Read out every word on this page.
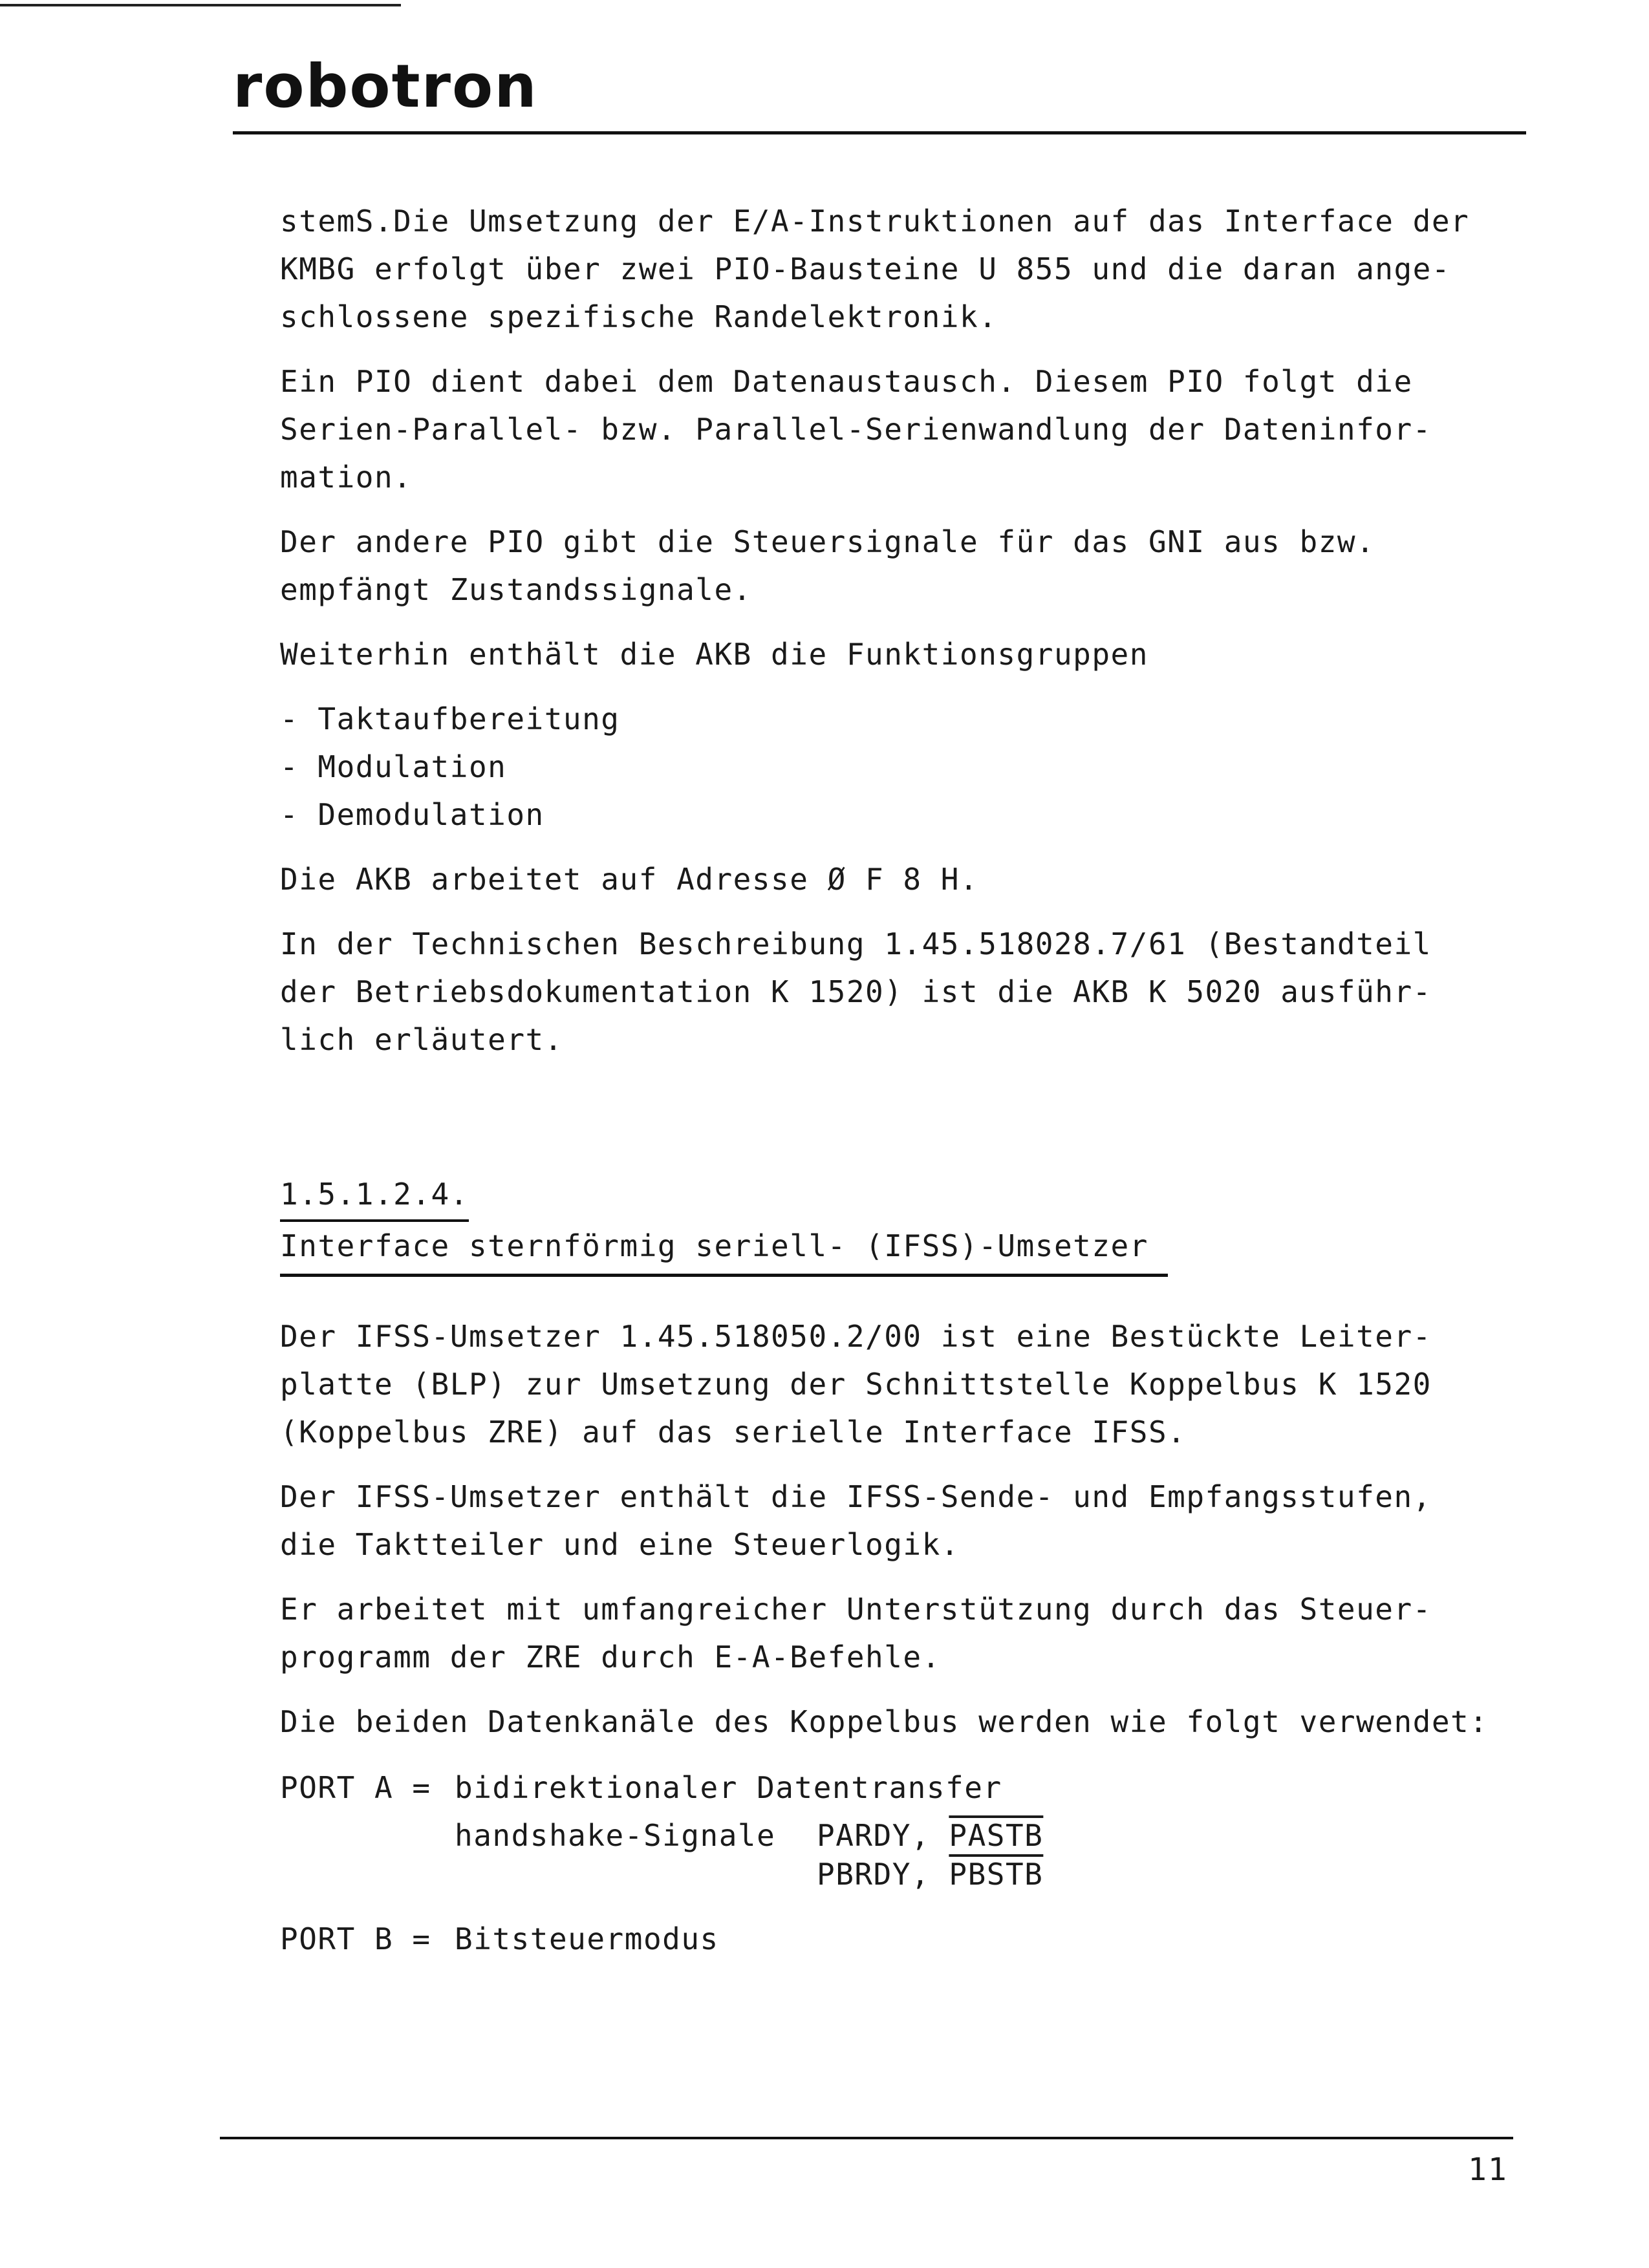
robotron

stemS.Die Umsetzung der E/A-Instruktionen auf das Interface der
KMBG erfolgt über zwei PIO-Bausteine U 855 und die daran ange-
schlossene spezifische Randelektronik.

Ein PIO dient dabei dem Datenaustausch. Diesem PIO folgt die
Serien-Parallel- bzw. Parallel-Serienwandlung der Dateninfor-
mation.

Der andere PIO gibt die Steuersignale für das GNI aus bzw.
empfängt Zustandssignale.

Weiterhin enthält die AKB die Funktionsgruppen

- Taktaufbereitung

- Modulation

- Demodulation

Die AKB arbeitet auf Adresse Ø F 8 H.

In der Technischen Beschreibung 1.45.518028.7/61 (Bestandteil
der Betriebsdokumentation K 1520) ist die AKB K 5020 ausführ-
lich erläutert.

1.5.1.2.4.
Interface sternförmig seriell- (IFSS)-Umsetzer

Der IFSS-Umsetzer 1.45.518050.2/00 ist eine Bestückte Leiter-
platte (BLP) zur Umsetzung der Schnittstelle Koppelbus K 1520
(Koppelbus ZRE) auf das serielle Interface IFSS.

Der IFSS-Umsetzer enthält die IFSS-Sende- und Empfangsstufen,
die Taktteiler und eine Steuerlogik.

Er arbeitet mit umfangreicher Unterstützung durch das Steuer-
programm der ZRE durch E-A-Befehle.

Die beiden Datenkanäle des Koppelbus werden wie folgt verwendet:

PORT A = bidirektionaler Datentransfer
handshake-Signale PARDY, PASTB
PBRDY, PBSTB
PORT B = Bitsteuermodus
11
